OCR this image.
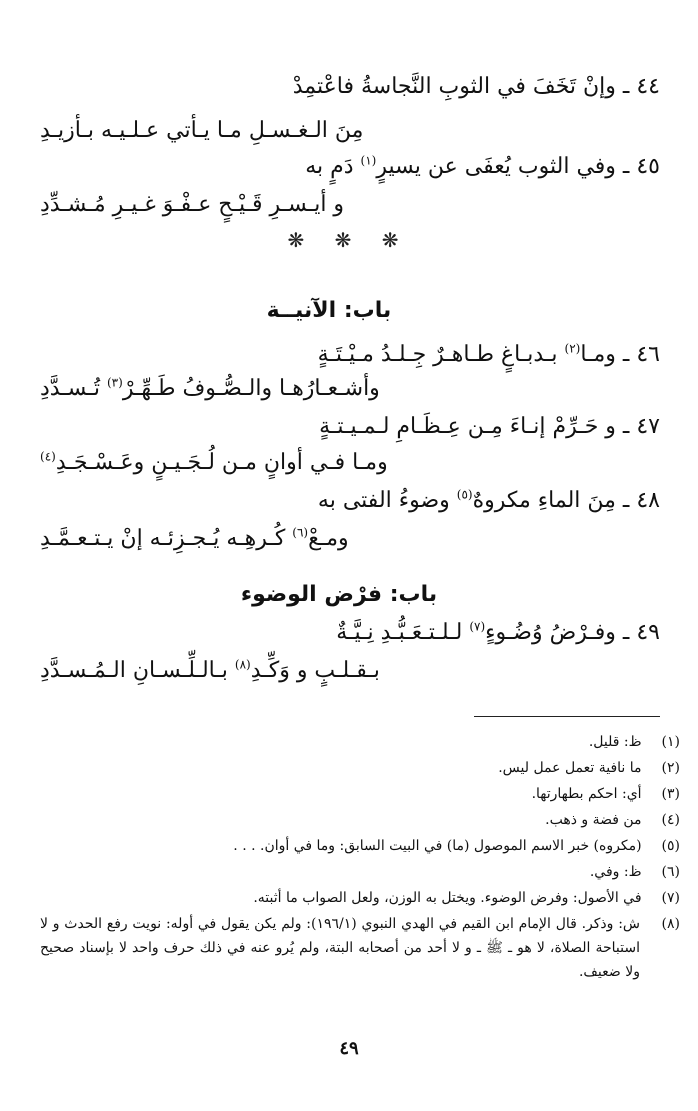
٤٤ ـ وإنْ تَخَفَ في الثوبِ النَّجاسةُ فاعْتمِدْ
مِنَ الـغـسـلِ مـا يـأتي عـلـيـه بـأزيـدِ
٤٥ ـ وفي الثوب يُعفَى عن يسيرٍ$^{(١)}$ دَمٍ به
و أيـسـرِ قَـيْـحٍ عـفْـوَ غـيـرِ مُـشـدِّدِ
❋ ❋ ❋
باب: الآنيــة
٤٦ ـ ومـا$^{(٢)}$ بـدبـاغٍ طـاهـرٌ جِـلـدُ مـيْـتَـةٍ
وأشـعـارُهـا والـصُّـوفُ طَـهِّـرْ$^{(٣)}$ تُـسـدَّدِ
٤٧ ـ و حَـرِّمْ إنـاءَ مِـن عِـظَـامِ لـمـيـتـةٍ
ومـا فـي أوانٍ مـن لُـجَـيـنٍ وعَـسْـجَـدِ$^{(٤)}$
٤٨ ـ مِنَ الماءِ مكروهٌ$^{(٥)}$ وضوءُ الفتى به
ومـعْ$^{(٦)}$ كُـرهِـه يُـجـزِئـه إنْ يـتـعـمَّـدِ
باب: فرْض الوضوء
٤٩ ـ وفـرْضُ وُضُـوءٍ$^{(٧)}$ لـلـتـعَـبُّـدِ نِـيَّـةٌ
بـقـلـبٍ و وَكِّـدِ$^{(٨)}$ بـالـلِّـسـانِ الـمُـسـدَّدِ
(١) ظ: قليل.
(٢) ما نافية تعمل عمل ليس.
(٣) أي: احكم بطهارتها.
(٤) من فضة و ذهب.
(٥) (مكروه) خبر الاسم الموصول (ما) في البيت السابق: وما في أوان. . . .
(٦) ظ: وفي.
(٧) في الأصول: وفرض الوضوء. ويختل به الوزن، ولعل الصواب ما أثبته.
(٨)
ش: وذكر. قال الإمام ابن القيم في الهدي النبوي (١٩٦/١): ولم يكن يقول في أوله: نويت رفع الحدث و لا استباحة الصلاة، لا هو ـ ﷺ ـ و لا أحد من أصحابه البتة، ولم يُرو عنه في ذلك حرف واحد لا بإسناد صحيح ولا ضعيف.
٤٩
